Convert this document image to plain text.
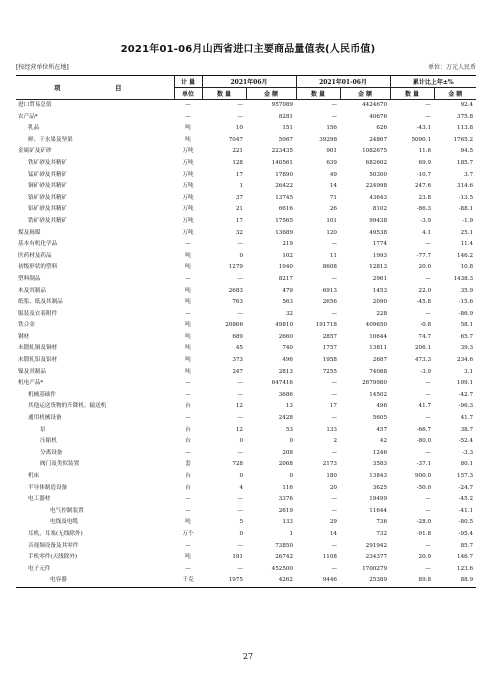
2021年01-06月山西省进口主要商品量值表(人民币值)
[按经营单位所在地]	单位：万元人民币
项　　目	计 量	2021年06月		2021年01-06月		累计比上年±%	
	单位	数 量	金 额	数 量	金 额	数 量	金 额
进口贸易总值	—	—	957089	—	4424670	—	92.4
农产品*	—	—	8281	—	40676	—	375.8
乳品	吨	10	151	156	626	-43.1	113.8
鲜、干水果及坚果	吨	7047	5067	39298	24867	5090.1	1765.2
金属矿及矿砂	万吨	221	223435	901	1082675	11.6	94.5
铁矿砂及其精矿	万吨	128	140561	639	682602	69.9	185.7
锰矿砂及其精矿	万吨	17	17890	49	50300	-10.7	3.7
铜矿砂及其精矿	万吨	1	26422	14	224998	247.6	314.6
铬矿砂及其精矿	万吨	37	13745	71	43643	23.8	-13.5
铝矿砂及其精矿	万吨	21	6616	26	8102	-86.3	-88.1
锆矿砂及其精矿	万吨	17	17565	101	99438	-3.9	-1.9
煤及褐煤	万吨	32	13689	120	49538	4.1	25.1
基本有机化学品	—	—	219	—	1774	—	11.4
医药材及药品	吨	0	102	11	1993	-77.7	146.2
初级形状的塑料	吨	1279	1940	8608	12813	20.0	10.8
塑料制品	—	—	8217	—	2961	—	1438.3
木及其制品	吨	2683	479	6913	1453	22.0	35.9
纸浆、纸及其制品	吨	763	563	2656	2090	-45.8	-15.6
服装及衣着附件	—	—	32	—	228	—	-86.9
铁合金	吨	20866	49810	191718	409650	-0.8	58.1
钢材	吨	689	2660	2857	10644	74.7	65.7
未锻轧铜及铜材	吨	45	740	1757	13811	206.1	39.3
未锻轧铝及铝材	吨	373	496	1958	2687	473.3	234.6
镍及其制品	吨	247	2813	7255	74088	-3.9	3.1
机电产品*	—	—	647416	—	2679980	—	109.1
机械基础件	—	—	3686	—	14502	—	-42.7
其他运送货物的升降机、输送机	台	12	13	17	496	41.7	-96.3
通用机械设备	—	—	2428	—	5605	—	41.7
泵	台	12	53	133	457	-66.7	38.7
压缩机	台	0	0	2	42	-80.0	-52.4
分离设备	—	—	208	—	1246	—	-3.3
阀门及类似装置	套	728	2068	2173	3583	-37.1	80.1
机床	台	0	0	180	13843	900.0	157.3
半导体制造设备	台	4	116	20	3625	-50.0	-24.7
电工器材	—	—	3376	—	19499	—	-45.2
电气控制装置	—	—	2619	—	11644	—	-41.1
电线及电缆	吨	5	133	29	736	-28.0	-80.5
耳机，耳塞(无线除外)	万个	0	1	14	732	-91.8	-95.4
音视频设备及其零件	—	—	73850	—	291942	—	85.7
手机零件(天线除外)	吨	191	26742	1108	234377	20.9	146.7
电子元件	—	—	452500	—	1700279	—	123.6
电容器	千克	1975	4262	9446	25389	89.8	88.9
27
